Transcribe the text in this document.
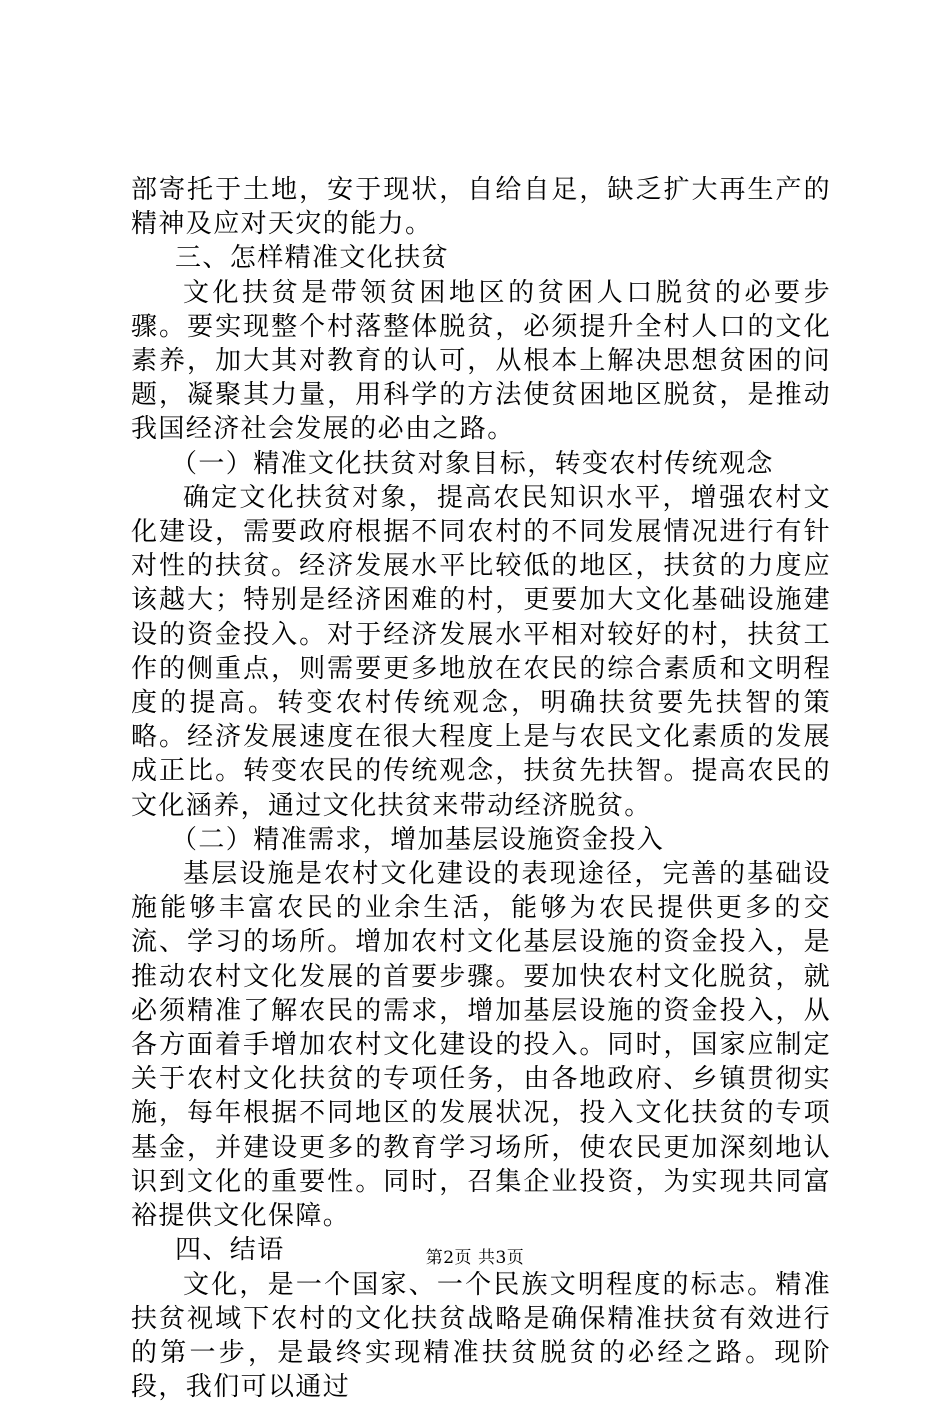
部寄托于土地，安于现状，自给自足，缺乏扩大再生产的精神及应对天灾的能力。

三、怎样精准文化扶贫

文化扶贫是带领贫困地区的贫困人口脱贫的必要步骤。要实现整个村落整体脱贫，必须提升全村人口的文化素养，加大其对教育的认可，从根本上解决思想贫困的问题，凝聚其力量，用科学的方法使贫困地区脱贫，是推动我国经济社会发展的必由之路。

（一）精准文化扶贫对象目标，转变农村传统观念

确定文化扶贫对象，提高农民知识水平，增强农村文化建设，需要政府根据不同农村的不同发展情况进行有针对性的扶贫。经济发展水平比较低的地区，扶贫的力度应该越大；特别是经济困难的村，更要加大文化基础设施建设的资金投入。对于经济发展水平相对较好的村，扶贫工作的侧重点，则需要更多地放在农民的综合素质和文明程度的提高。转变农村传统观念，明确扶贫要先扶智的策略。经济发展速度在很大程度上是与农民文化素质的发展成正比。转变农民的传统观念，扶贫先扶智。提高农民的文化涵养，通过文化扶贫来带动经济脱贫。

（二）精准需求，增加基层设施资金投入

基层设施是农村文化建设的表现途径，完善的基础设施能够丰富农民的业余生活，能够为农民提供更多的交流、学习的场所。增加农村文化基层设施的资金投入，是推动农村文化发展的首要步骤。要加快农村文化脱贫，就必须精准了解农民的需求，增加基层设施的资金投入，从各方面着手增加农村文化建设的投入。同时，国家应制定关于农村文化扶贫的专项任务，由各地政府、乡镇贯彻实施，每年根据不同地区的发展状况，投入文化扶贫的专项基金，并建设更多的教育学习场所，使农民更加深刻地认识到文化的重要性。同时，召集企业投资，为实现共同富裕提供文化保障。

四、结语

文化，是一个国家、一个民族文明程度的标志。精准扶贫视域下农村的文化扶贫战略是确保精准扶贫有效进行的第一步，是最终实现精准扶贫脱贫的必经之路。现阶段，我们可以通过

第2页 共3页
